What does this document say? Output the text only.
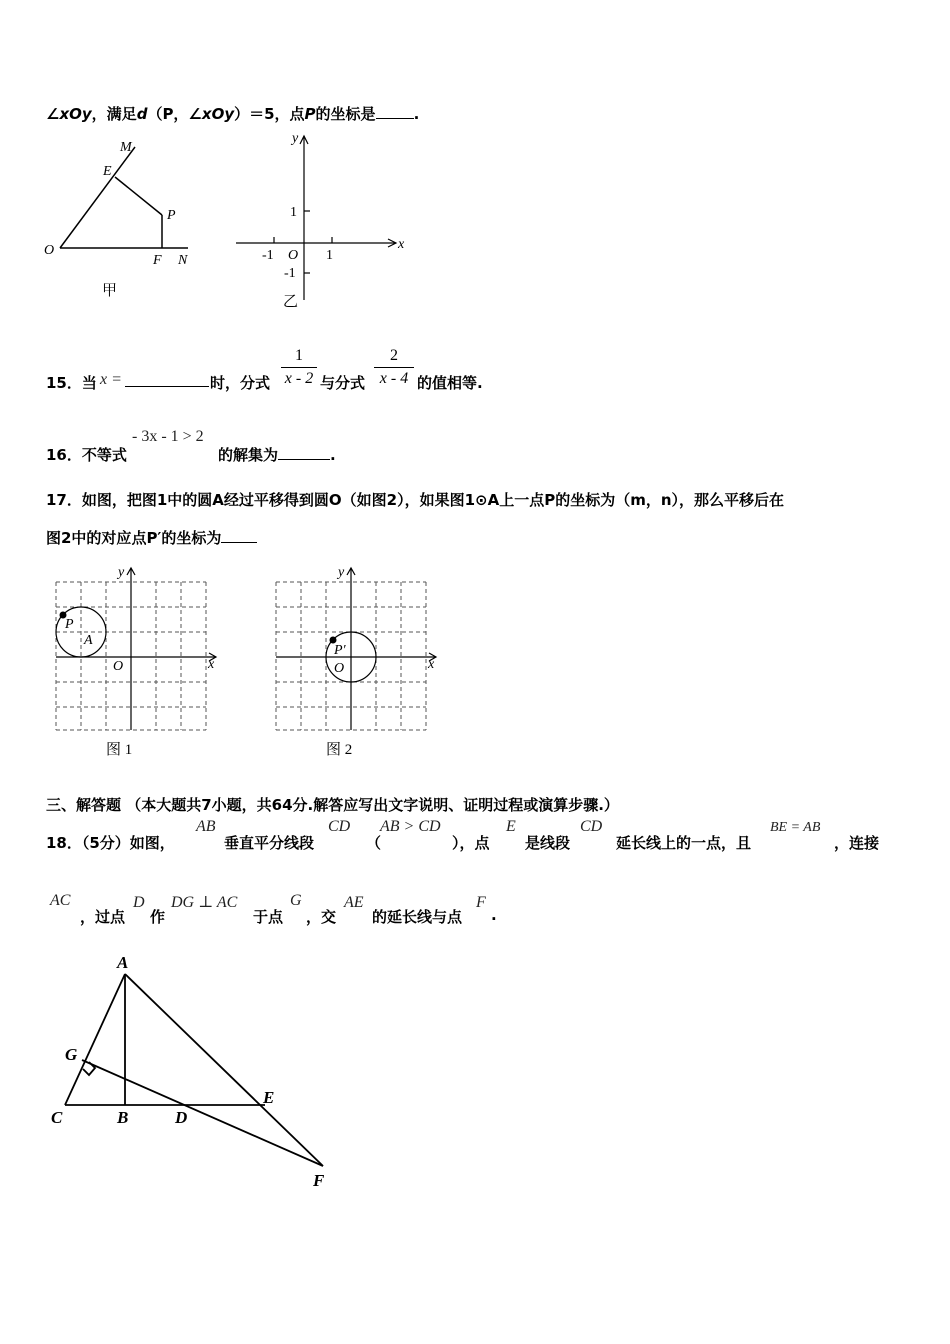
∠xOy，满足d（P，∠xOy）＝5，点P的坐标是	.
M
E
P
O
F N
甲
y
x
1
-1 O 1
-1
乙
15．当 x =	时，分式 $\frac{1}{x - 2}$ 与分式 $\frac{2}{x - 4}$ 的值相等.
16．不等式
- 3x - 1 > 2
的解集为	.
17．如图，把图1中的圆A经过平移得到圆O（如图2），如果图1⊙A上一点P的坐标为（m，n），那么平移后在
图2中的对应点P′的坐标为
y
x
O
P
A
图 1
y
x
O
P′
图 2
三、解答题 （本大题共7小题，共64分.解答应写出文字说明、证明过程或演算步骤.）
18．（5分）如图，
AB
垂直平分线段
CD
（
AB > CD
），点
E
是线段
CD
延长线上的一点，且
BE = AB
，连接
AC
，过点
D
作
DG ⊥ AC
于点
G
，交
AE
的延长线与点
F
.
A
G
C	B	D
E
F
